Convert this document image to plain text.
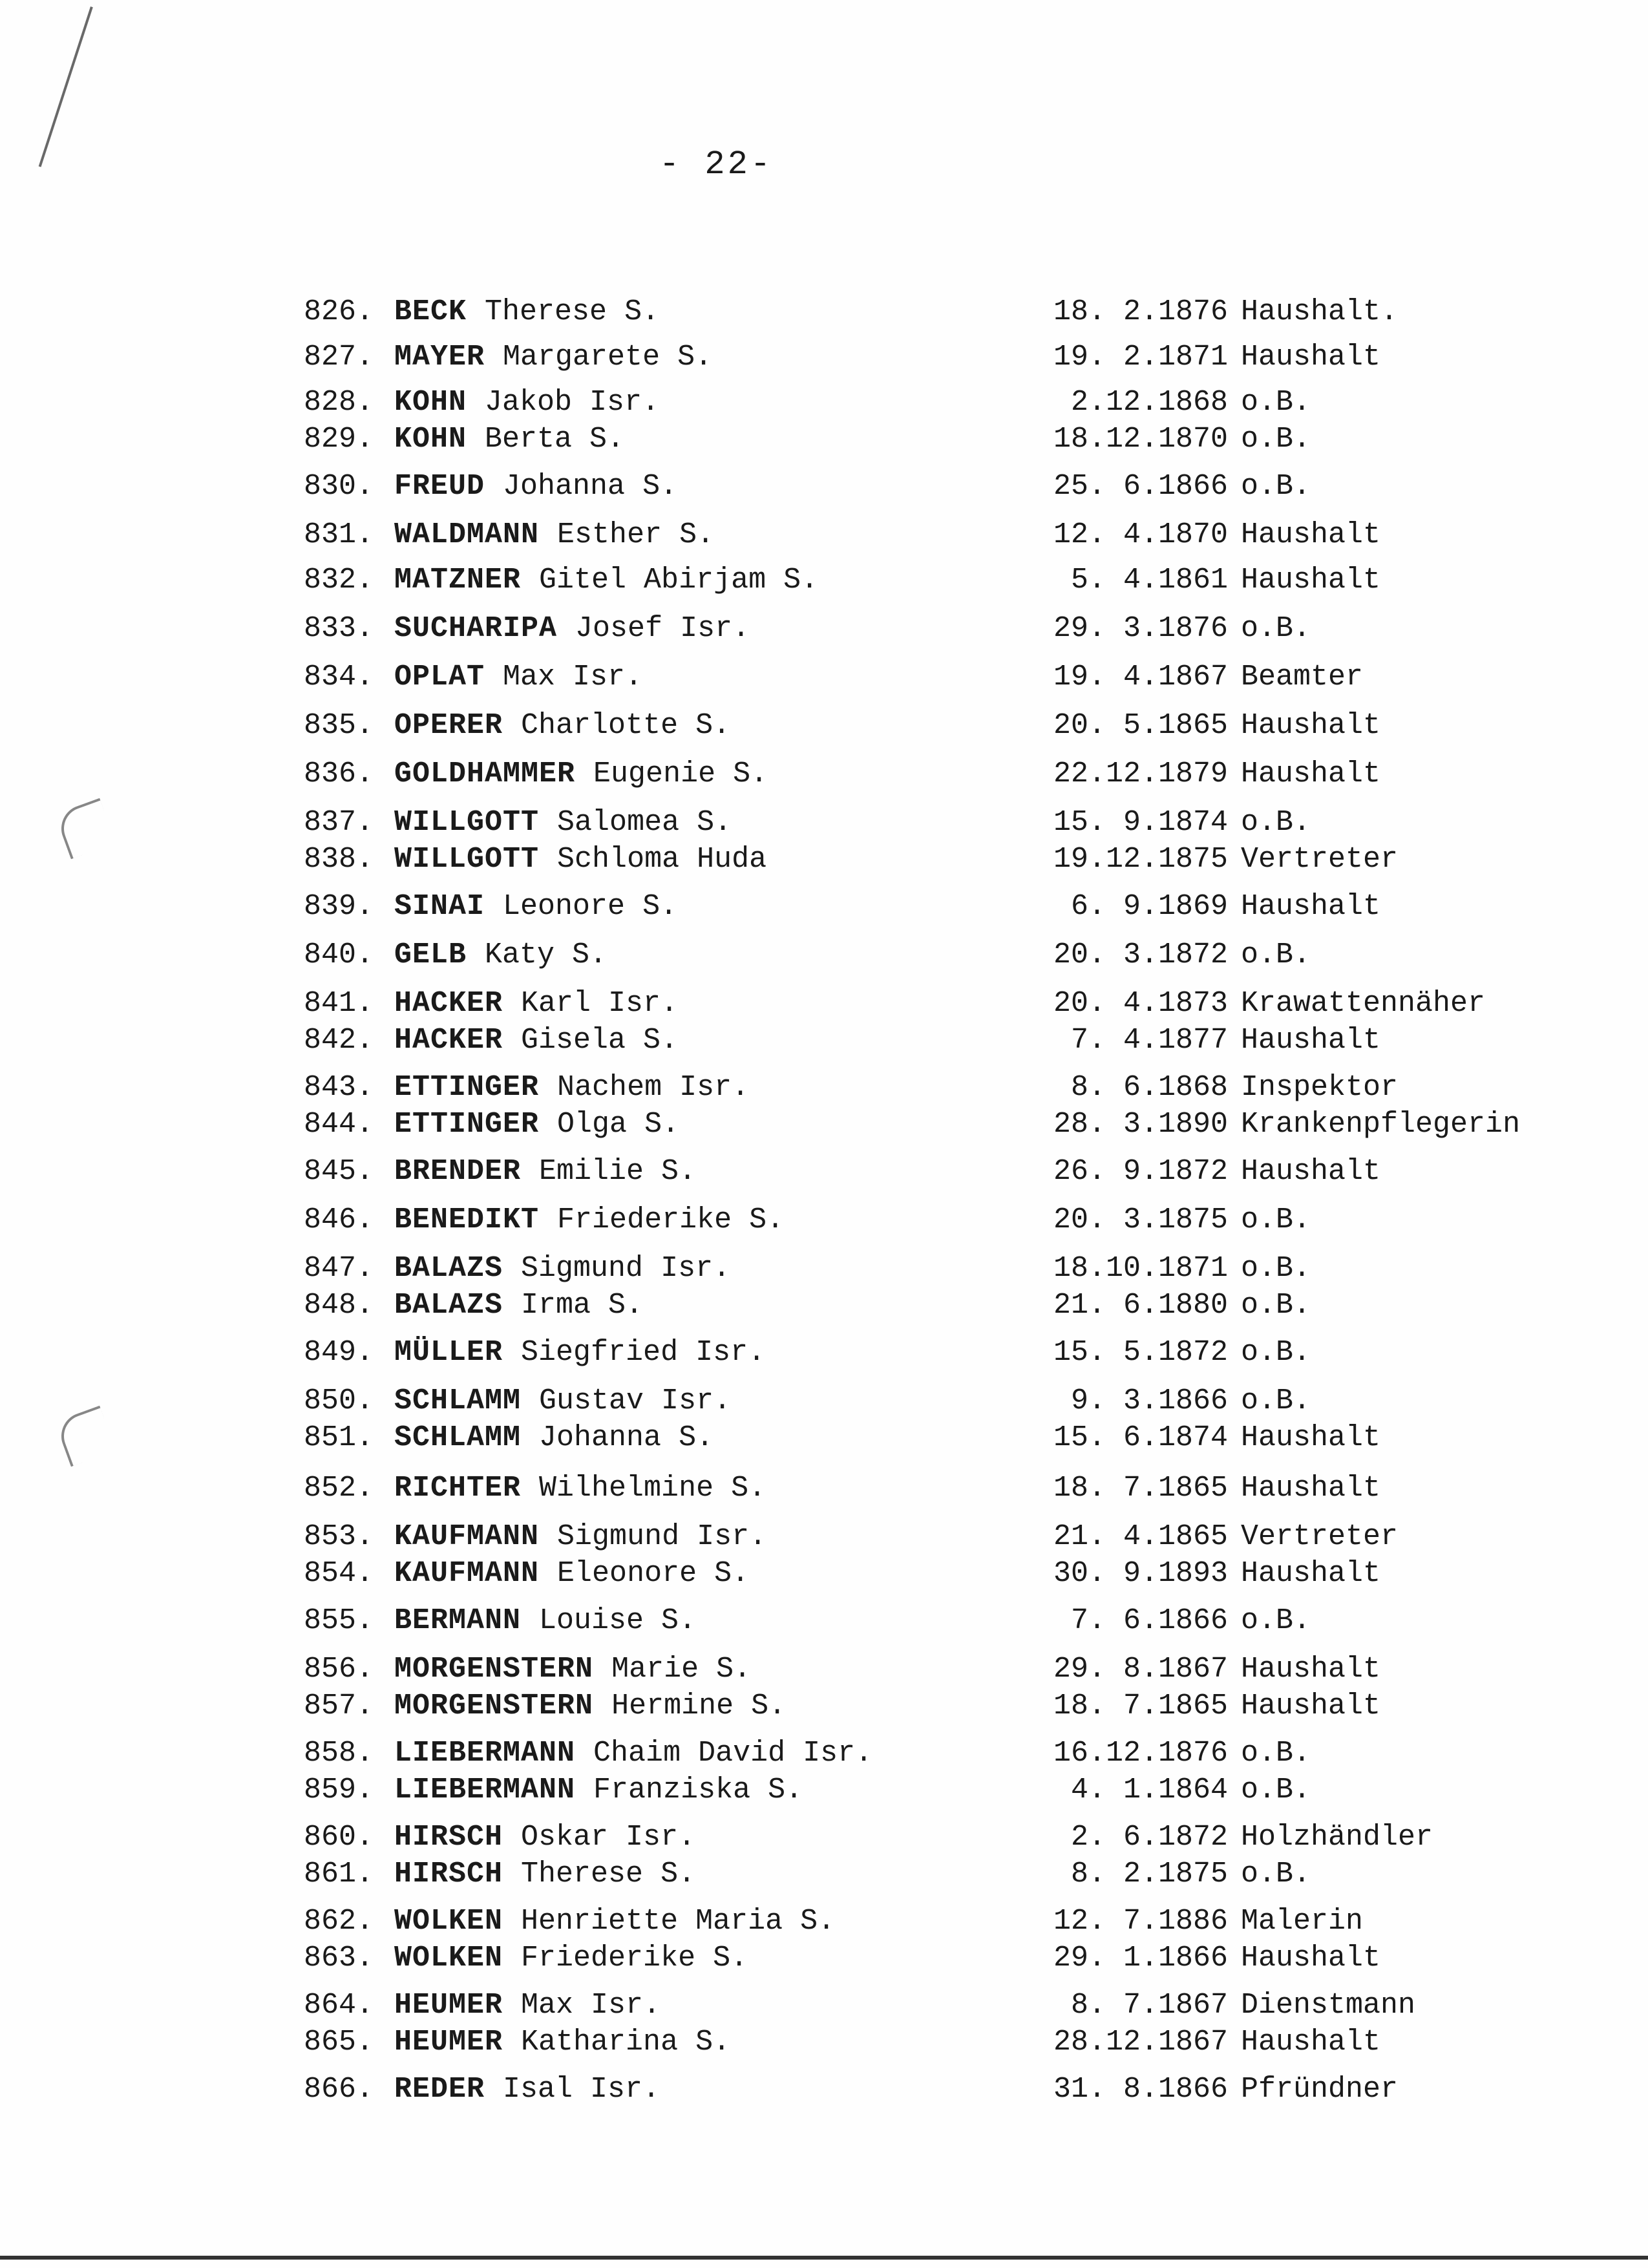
- 22-
826. BECK Therese S.	18. 2.1876 Haushalt.
827. MAYER Margarete S.	19. 2.1871 Haushalt
828. KOHN Jakob Isr.	2.12.1868 o.B.
829. KOHN Berta S.	18.12.1870 o.B.
830. FREUD Johanna S.	25. 6.1866 o.B.
831. WALDMANN Esther S.	12. 4.1870 Haushalt
832. MATZNER Gitel Abirjam S.	5. 4.1861 Haushalt
833. SUCHARIPA Josef Isr.	29. 3.1876 o.B.
834. OPLAT Max Isr.	19. 4.1867 Beamter
835. OPERER Charlotte S.	20. 5.1865 Haushalt
836. GOLDHAMMER Eugenie S.	22.12.1879 Haushalt
837. WILLGOTT Salomea S.	15. 9.1874 o.B.
838. WILLGOTT Schloma Huda	19.12.1875 Vertreter
839. SINAI Leonore S.	6. 9.1869 Haushalt
840. GELB Katy S.	20. 3.1872 o.B.
841. HACKER Karl Isr.	20. 4.1873 Krawattennäher
842. HACKER Gisela S.	7. 4.1877 Haushalt
843. ETTINGER Nachem Isr.	8. 6.1868 Inspektor
844. ETTINGER Olga S.	28. 3.1890 Krankenpflegerin
845. BRENDER Emilie S.	26. 9.1872 Haushalt
846. BENEDIKT Friederike S.	20. 3.1875 o.B.
847. BALAZS Sigmund Isr.	18.10.1871 o.B.
848. BALAZS Irma S.	21. 6.1880 o.B.
849. MÜLLER Siegfried Isr.	15. 5.1872 o.B.
850. SCHLAMM Gustav Isr.	9. 3.1866 o.B.
851. SCHLAMM Johanna S.	15. 6.1874 Haushalt
852. RICHTER Wilhelmine S.	18. 7.1865 Haushalt
853. KAUFMANN Sigmund Isr.	21. 4.1865 Vertreter
854. KAUFMANN Eleonore S.	30. 9.1893 Haushalt
855. BERMANN Louise S.	7. 6.1866 o.B.
856. MORGENSTERN Marie S.	29. 8.1867 Haushalt
857. MORGENSTERN Hermine S.	18. 7.1865 Haushalt
858. LIEBERMANN Chaim David Isr.	16.12.1876 o.B.
859. LIEBERMANN Franziska S.	4. 1.1864 o.B.
860. HIRSCH Oskar Isr.	2. 6.1872 Holzhändler
861. HIRSCH Therese S.	8. 2.1875 o.B.
862. WOLKEN Henriette Maria S.	12. 7.1886 Malerin
863. WOLKEN Friederike S.	29. 1.1866 Haushalt
864. HEUMER Max Isr.	8. 7.1867 Dienstmann
865. HEUMER Katharina S.	28.12.1867 Haushalt
866. REDER Isal Isr.	31. 8.1866 Pfründner
